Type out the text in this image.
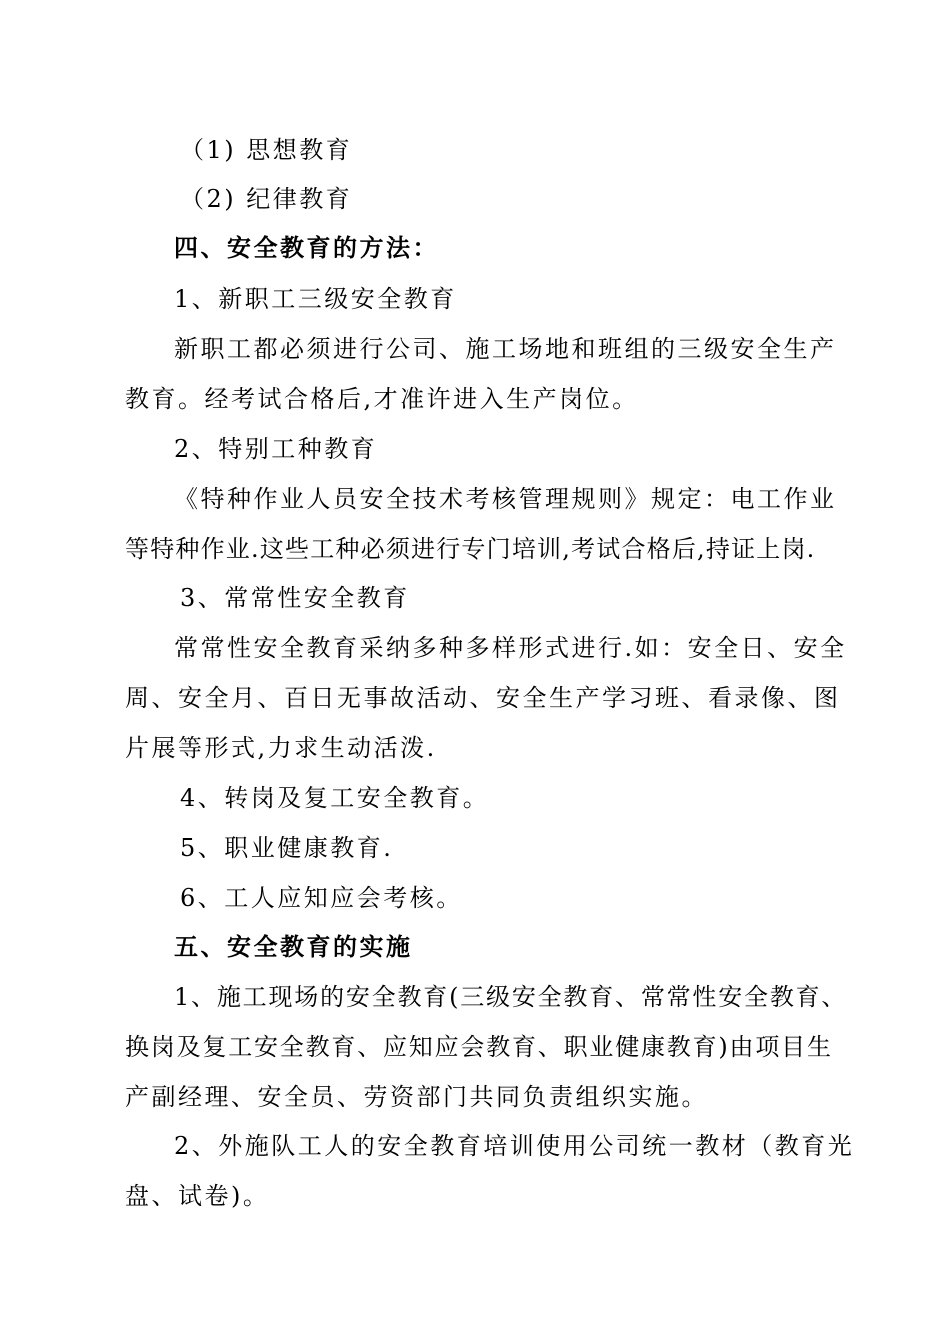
（1) 思想教育
（2) 纪律教育
四、安全教育的方法：
1、新职工三级安全教育
新职工都必须进行公司、施工场地和班组的三级安全生产
教育。经考试合格后,才准许进入生产岗位。
2、特别工种教育
《特种作业人员安全技术考核管理规则》规定：电工作业
等特种作业.这些工种必须进行专门培训,考试合格后,持证上岗.
3、常常性安全教育
常常性安全教育采纳多种多样形式进行.如：安全日、安全
周、安全月、百日无事故活动、安全生产学习班、看录像、图
片展等形式,力求生动活泼.
4、转岗及复工安全教育。
5、职业健康教育.
6、工人应知应会考核。
五、安全教育的实施
1、施工现场的安全教育(三级安全教育、常常性安全教育、
换岗及复工安全教育、应知应会教育、职业健康教育)由项目生
产副经理、安全员、劳资部门共同负责组织实施。
2、外施队工人的安全教育培训使用公司统一教材（教育光
盘、试卷)。
